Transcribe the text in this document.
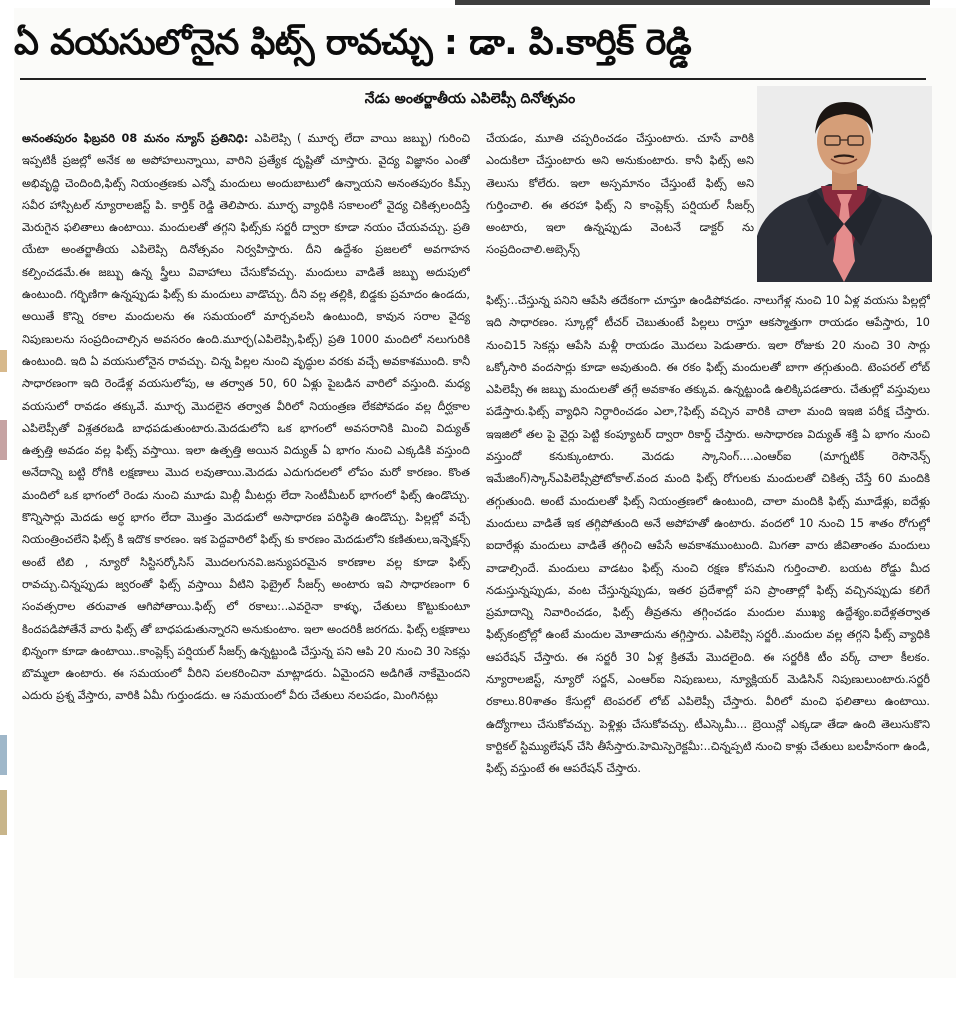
ఏ వయసులోనైన ఫిట్స్ రావచ్చు : డా. పి.కార్తిక్ రెడ్డి
నేడు అంతర్జాతీయ ఎపిలెప్సీ దినోత్సవం
అనంతపురం ఫిబ్రవరి 08 మనం న్యూస్ ప్రతినిధి: ఎపిలెప్సి ( మూర్ఛ లేదా వాయి జబ్బు) గురించి ఇప్పటికీ ప్రజల్లో అనేక ఱ అపోహలున్నాయి, వారిని ప్రత్యేక దృష్టితో చూస్తారు. వైద్య విజ్ఞానం ఎంతో అభివృద్ధి చెందింది,ఫిట్స్ నియంత్రణకు ఎన్నో మందులు అందుబాటులో ఉన్నాయని అనంతపురం కిమ్స్ సవీర హాస్పిటల్ న్యూరాలజిస్ట్ పి. కార్తిక్ రెడ్డి తెలిపారు. మూర్ఛ వ్యాధికి సకాలంలో వైద్య చికిత్సలందిస్తే మెరుగైన ఫలితాలు ఉంటాయి. మందులతో తగ్గని ఫిట్స్‌కు సర్జరీ ద్వారా కూడా నయం చేయవచ్చు. ప్రతి యేటా అంతర్జాతీయ ఎపిలెప్సి దినోత్సవం నిర్వహిస్తారు. దీని ఉద్దేశం ప్రజలలో అవగాహన కల్పించడమే.ఈ జబ్బు ఉన్న స్త్రీలు వివాహాలు చేసుకోవచ్చు. మందులు వాడితే జబ్బు అదుపులో ఉంటుంది. గర్భిణిగా ఉన్నప్పుడు ఫిట్స్ కు మందులు వాడొచ్చు. దీని వల్ల తల్లికి, బిడ్డకు ప్రమాదం ఉండదు, అయితే కొన్ని రకాల మందులను ఈ సమయంలో మార్చవలసి ఉంటుంది, కావున సరాల వైద్య నిపుణులను సంప్రదించాల్సిన అవసరం ఉంది.మూర్ఛ(ఎపిలెప్సి,ఫిట్స్) ప్రతి 1000 మందిలో నలుగురికి ఉంటుంది. ఇది ఏ వయసులోనైన రావచ్చు. చిన్న పిల్లల నుంచి వృద్ధుల వరకు వచ్చే అవకాశముంది. కానీ సాధారణంగా ఇది రెండేళ్ల వయసులోపు, ఆ తర్వాత 50, 60 ఏళ్లు పైబడిన వారిలో వస్తుంది. మధ్య వయసులో రావడం తక్కువే. మూర్ఛ మొదలైన తర్వాత వీరిలో నియంత్రణ లేకపోవడం వల్ల దీర్ఘకాల ఎపిలెప్సీతో విశ్లతరబడి బాధపడుతుంటారు.మెదడులోని ఒక భాగంలో అవసరానికి మించి విద్యుత్ ఉత్పత్తి అవడం వల్ల ఫిట్స్ వస్తాయి. ఇలా ఉత్పత్తి అయిన విద్యుత్ ఏ భాగం నుంచి ఎక్కడికి వస్తుంది అనేదాన్ని బట్టి రోగికి లక్షణాలు మొద లవుతాయి.మెదడు ఎదుగుదలలో లోపం మరో కారణం. కొంత మందిలో ఒక భాగంలో రెండు నుంచి మూడు మిల్లీ మీటర్లు లేదా సెంటీమీటర్ భాగంలో ఫిట్స్ ఉండొచ్చు. కొన్నిసార్లు మెదడు అర్ధ భాగం లేదా మొత్తం మెదడులో అసాధారణ పరిస్థితి ఉండొచ్చు. పిల్లల్లో వచ్చే నియంత్రించలేని ఫిట్స్ కి ఇదొక కారణం. ఇక పెద్దవారిలో ఫిట్స్ కు కారణం మెదడులోని కణితులు,ఇన్ఫెక్షన్స్ అంటే టిబి , న్యూరో సిస్టిసర్కోసిస్ మొదలగునవి.జన్యుపరమైన కారణాల వల్ల కూడా ఫిట్స్ రావచ్చు.చిన్నప్పుడు జ్వరంతో ఫిట్స్ వస్తాయి వీటిని ఫెబ్రైల్ సీజర్స్ అంటారు ఇవి సాధారణంగా 6 సంవత్సరాల తరువాత ఆగిపోతాయి.ఫిట్స్ లో రకాలు:..ఎవరైనా కాళ్ళు, చేతులు కొట్టుకుంటూ కిందపడిపోతేనే వారు ఫిట్స్ తో బాధపడుతున్నారని అనుకుంటాం. ఇలా అందరికీ జరగదు. ఫిట్స్ లక్షణాలు భిన్నంగా కూడా ఉంటాయి..కాంప్లెక్స్ పర్షియల్ సీజర్స్ ఉన్నట్టుండి చేస్తున్న పని ఆపి 20 నుంచి 30 సెకన్లు బొమ్మలా ఉంటారు. ఈ సమయంలో వీరిని పలకరించినా మాట్లాడరు. ఏమైందని అడిగితే నాకేమైందని ఎదురు ప్రశ్న వేస్తారు, వారికి ఏమీ గుర్తుండదు. ఆ సమయంలో వీరు చేతులు నలపడం, మింగినట్లు
చేయడం, మూతి చప్పరించడం చేస్తుంటారు. చూసే వారికి ఎందుకిలా చేస్తుంటారు అని అనుకుంటారు. కానీ ఫిట్స్ అని తెలుసు కోలేరు. ఇలా అస్పమానం చేస్తుంటే ఫిట్స్ అని గుర్తించాలి. ఈ తరహా ఫిట్స్ ని కాంప్లెక్స్ పర్షియల్ సీజర్స్ అంటారు, ఇలా ఉన్నప్పుడు వెంటనే డాక్టర్ ను సంప్రదించాలి.అబ్సెన్స్
ఫిట్స్:..చేస్తున్న పనిని ఆపేసి తదేకంగా చూస్తూ ఉండిపోవడం. నాలుగేళ్ల నుంచి 10 ఏళ్ల వయసు పిల్లల్లో ఇది సాధారణం. స్కూల్లో టీచర్ చెబుతుంటే పిల్లలు రాస్తూ ఆకస్మాత్తుగా రాయడం ఆపేస్తారు, 10 నుంచి15 సెకన్లు ఆపేసి మళ్లీ రాయడం మొదలు పెడుతారు. ఇలా రోజుకు 20 నుంచి 30 సార్లు ఒక్కోసారి వందసార్లు కూడా అవుతుంది. ఈ రకం ఫిట్స్ మందులతో బాగా తగ్గుతుంది. టెంపరల్ లోబ్ ఎపిలెప్సీ ఈ జబ్బు మందులతో తగ్గే అవకాశం తక్కువ. ఉన్నట్టుండి ఉలిక్కిపడతారు. చేతుల్లో వస్తువులు పడేస్తారు.ఫిట్స్ వ్యాధిని నిర్ధారించడం ఎలా,?ఫిట్స్ వచ్చిన వారికి చాలా మంది ఇఇజి పరీక్ష చేస్తారు. ఇఇజిలో తల పై వైర్లు పెట్టి కంప్యూటర్ ద్వారా రికార్డ్ చేస్తారు. అసాధారణ విద్యుత్ శక్తి ఏ భాగం నుంచి వస్తుందో కనుక్కుంటారు. మెదడు స్కానింగ్....ఎంఆర్ఐ (మాగ్నటిక్ రెసొనెన్స్ ఇమేజింగ్)స్కాన్ఎపిలెప్సీప్రోటోకాల్.వంద మంది ఫిట్స్ రోగులకు మందులతో చికిత్స చేస్తే 60 మందికి తగ్గుతుంది. అంటే మందులతో ఫిట్స్ నియంత్రణలో ఉంటుంది, చాలా మందికి ఫిట్స్ మూడేళ్లు, ఐదేళ్లు మందులు వాడితే ఇక తగ్గిపోతుంది అనే అపోహతో ఉంటారు. వందలో 10 నుంచి 15 శాతం రోగుల్లో ఐదారేళ్లు మందులు వాడితే తగ్గించి ఆపేసే అవకాశముంటుంది. మిగతా వారు జీవితాంతం మందులు వాడాల్సిందే. మందులు వాడటం ఫిట్స్ నుంచి రక్షణ కోసమని గుర్తించాలి. బయట రోడ్డు మీద నడుస్తున్నప్పుడు, వంట చేస్తున్నప్పుడు, ఇతర ప్రదేశాల్లో పని ప్రాంతాల్లో ఫిట్స్ వచ్చినప్పుడు కలిగే ప్రమాదాన్ని నివారించడం, ఫిట్స్ తీవ్రతను తగ్గించడం మందుల ముఖ్య ఉద్దేశ్యం.ఐదేళ్లతర్వాత ఫిట్స్‌కంట్రోల్లో ఉంటే మందుల మోతాదును తగ్గిస్తారు. ఎపిలెప్సి సర్జరీ..మందుల వల్ల తగ్గని ఫీట్స్ వ్యాధికి ఆపరేషన్ చేస్తారు. ఈ సర్జరీ 30 ఏళ్ల క్రితమే మొదలైంది. ఈ సర్జరీకి టీం వర్క్ చాలా కీలకం. న్యూరాలజిస్ట్, న్యూరో సర్జన్, ఎంఆర్ఐ నిపుణులు, న్యూక్లియర్ మెడిసిన్ నిపుణులుంటారు.సర్జరీ రకాలు.80శాతం కేసుల్లో టెంపరల్ లోబ్ ఎపిలెప్సీ చేస్తారు. వీరిలో మంచి ఫలితాలు ఉంటాయి. ఉద్యోగాలు చేసుకోవచ్చు. పెళ్లిళ్లు చేసుకోవచ్చు. టీఎస్కెమీ... బ్రెయిన్లో ఎక్కడా తేడా ఉంది తెలుసుకొని కార్టికల్ స్టిమ్యులేషన్ చేసి తీసేస్తారు.హెమిస్పెరెక్టమీ:..చిన్నప్పటి నుంచి కాళ్లు చేతులు బలహీనంగా ఉండి, ఫిట్స్ వస్తుంటే ఈ ఆపరేషన్ చేస్తారు.
